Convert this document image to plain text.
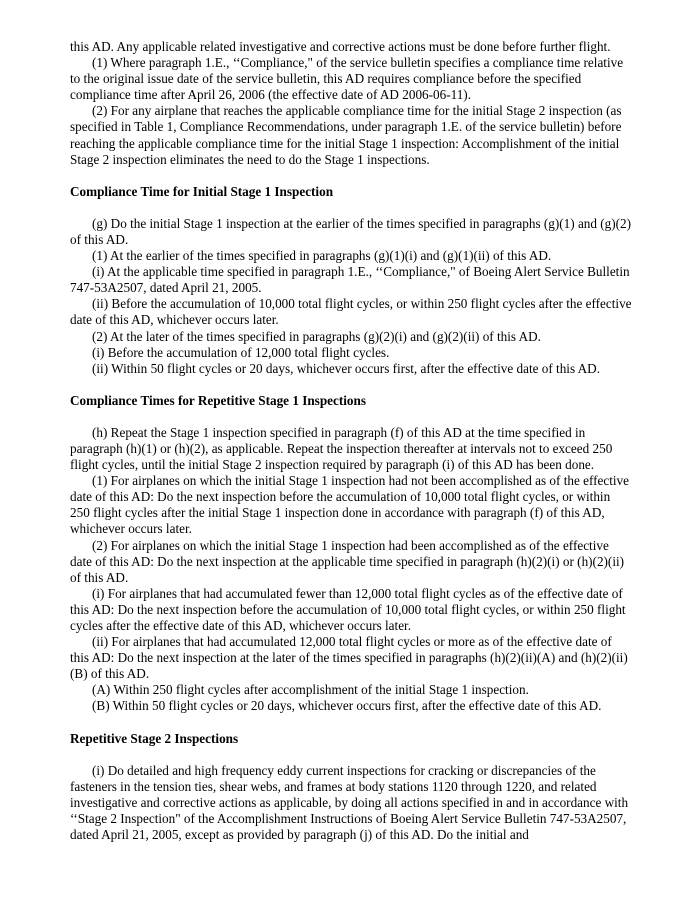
this AD. Any applicable related investigative and corrective actions must be done before further flight.

(1) Where paragraph 1.E., ‘‘Compliance," of the service bulletin specifies a compliance time relative to the original issue date of the service bulletin, this AD requires compliance before the specified compliance time after April 26, 2006 (the effective date of AD 2006-06-11).

(2) For any airplane that reaches the applicable compliance time for the initial Stage 2 inspection (as specified in Table 1, Compliance Recommendations, under paragraph 1.E. of the service bulletin) before reaching the applicable compliance time for the initial Stage 1 inspection: Accomplishment of the initial Stage 2 inspection eliminates the need to do the Stage 1 inspections.

Compliance Time for Initial Stage 1 Inspection

(g) Do the initial Stage 1 inspection at the earlier of the times specified in paragraphs (g)(1) and (g)(2) of this AD.

(1) At the earlier of the times specified in paragraphs (g)(1)(i) and (g)(1)(ii) of this AD.

(i) At the applicable time specified in paragraph 1.E., ‘‘Compliance," of Boeing Alert Service Bulletin 747-53A2507, dated April 21, 2005.

(ii) Before the accumulation of 10,000 total flight cycles, or within 250 flight cycles after the effective date of this AD, whichever occurs later.

(2) At the later of the times specified in paragraphs (g)(2)(i) and (g)(2)(ii) of this AD.

(i) Before the accumulation of 12,000 total flight cycles.

(ii) Within 50 flight cycles or 20 days, whichever occurs first, after the effective date of this AD.

Compliance Times for Repetitive Stage 1 Inspections

(h) Repeat the Stage 1 inspection specified in paragraph (f) of this AD at the time specified in paragraph (h)(1) or (h)(2), as applicable. Repeat the inspection thereafter at intervals not to exceed 250 flight cycles, until the initial Stage 2 inspection required by paragraph (i) of this AD has been done.

(1) For airplanes on which the initial Stage 1 inspection had not been accomplished as of the effective date of this AD: Do the next inspection before the accumulation of 10,000 total flight cycles, or within 250 flight cycles after the initial Stage 1 inspection done in accordance with paragraph (f) of this AD, whichever occurs later.

(2) For airplanes on which the initial Stage 1 inspection had been accomplished as of the effective date of this AD: Do the next inspection at the applicable time specified in paragraph (h)(2)(i) or (h)(2)(ii) of this AD.

(i) For airplanes that had accumulated fewer than 12,000 total flight cycles as of the effective date of this AD: Do the next inspection before the accumulation of 10,000 total flight cycles, or within 250 flight cycles after the effective date of this AD, whichever occurs later.

(ii) For airplanes that had accumulated 12,000 total flight cycles or more as of the effective date of this AD: Do the next inspection at the later of the times specified in paragraphs (h)(2)(ii)(A) and (h)(2)(ii)(B) of this AD.

(A) Within 250 flight cycles after accomplishment of the initial Stage 1 inspection.

(B) Within 50 flight cycles or 20 days, whichever occurs first, after the effective date of this AD.

Repetitive Stage 2 Inspections

(i) Do detailed and high frequency eddy current inspections for cracking or discrepancies of the fasteners in the tension ties, shear webs, and frames at body stations 1120 through 1220, and related investigative and corrective actions as applicable, by doing all actions specified in and in accordance with ‘‘Stage 2 Inspection" of the Accomplishment Instructions of Boeing Alert Service Bulletin 747-53A2507, dated April 21, 2005, except as provided by paragraph (j) of this AD. Do the initial and
